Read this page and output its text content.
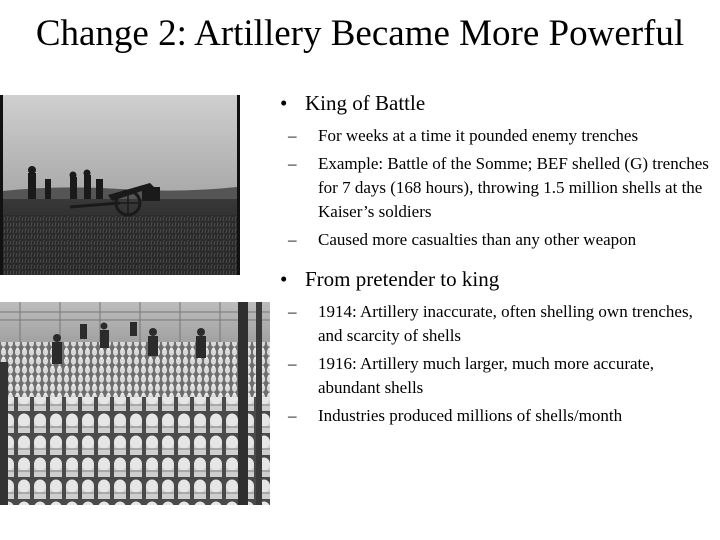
Change 2: Artillery Became More Powerful
• King of Battle
– For weeks at a time it pounded enemy trenches
– Example: Battle of the Somme; BEF shelled (G) trenches for 7 days (168 hours), throwing 1.5 million shells at the Kaiser’s soldiers
– Caused more casualties than any other weapon
• From pretender to king
– 1914: Artillery inaccurate, often shelling own trenches, and scarcity of shells
– 1916: Artillery much larger, much more accurate, abundant shells
– Industries produced millions of shells/month
